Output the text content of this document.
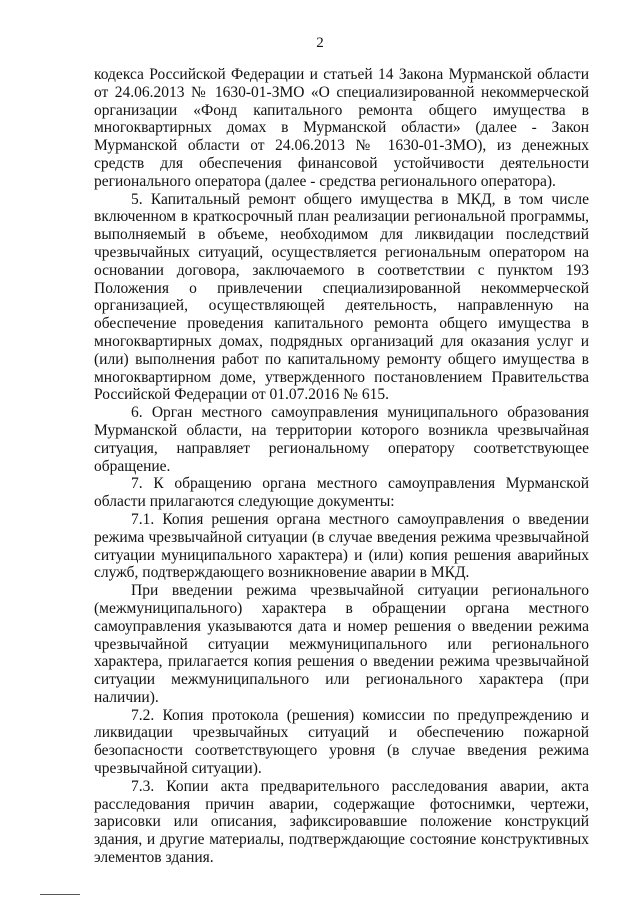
2

кодекса Российской Федерации и статьей 14 Закона Мурманской области от 24.06.2013 № 1630-01-ЗМО «О специализированной некоммерческой организации «Фонд капитального ремонта общего имущества в многоквартирных домах в Мурманской области» (далее - Закон Мурманской области от 24.06.2013 № 1630-01-ЗМО), из денежных средств для обеспечения финансовой устойчивости деятельности регионального оператора (далее - средства регионального оператора).

5. Капитальный ремонт общего имущества в МКД, в том числе включенном в краткосрочный план реализации региональной программы, выполняемый в объеме, необходимом для ликвидации последствий чрезвычайных ситуаций, осуществляется региональным оператором на основании договора, заключаемого в соответствии с пунктом 193 Положения о привлечении специализированной некоммерческой организацией, осуществляющей деятельность, направленную на обеспечение проведения капитального ремонта общего имущества в многоквартирных домах, подрядных организаций для оказания услуг и (или) выполнения работ по капитальному ремонту общего имущества в многоквартирном доме, утвержденного постановлением Правительства Российской Федерации от 01.07.2016 № 615.

6. Орган местного самоуправления муниципального образования Мурманской области, на территории которого возникла чрезвычайная ситуация, направляет региональному оператору соответствующее обращение.

7. К обращению органа местного самоуправления Мурманской области прилагаются следующие документы:

7.1. Копия решения органа местного самоуправления о введении режима чрезвычайной ситуации (в случае введения режима чрезвычайной ситуации муниципального характера) и (или) копия решения аварийных служб, подтверждающего возникновение аварии в МКД.

При введении режима чрезвычайной ситуации регионального (межмуниципального) характера в обращении органа местного самоуправления указываются дата и номер решения о введении режима чрезвычайной ситуации межмуниципального или регионального характера, прилагается копия решения о введении режима чрезвычайной ситуации межмуниципального или регионального характера (при наличии).

7.2. Копия протокола (решения) комиссии по предупреждению и ликвидации чрезвычайных ситуаций и обеспечению пожарной безопасности соответствующего уровня (в случае введения режима чрезвычайной ситуации).

7.3. Копии акта предварительного расследования аварии, акта расследования причин аварии, содержащие фотоснимки, чертежи, зарисовки или описания, зафиксировавшие положение конструкций здания, и другие материалы, подтверждающие состояние конструктивных элементов здания.
